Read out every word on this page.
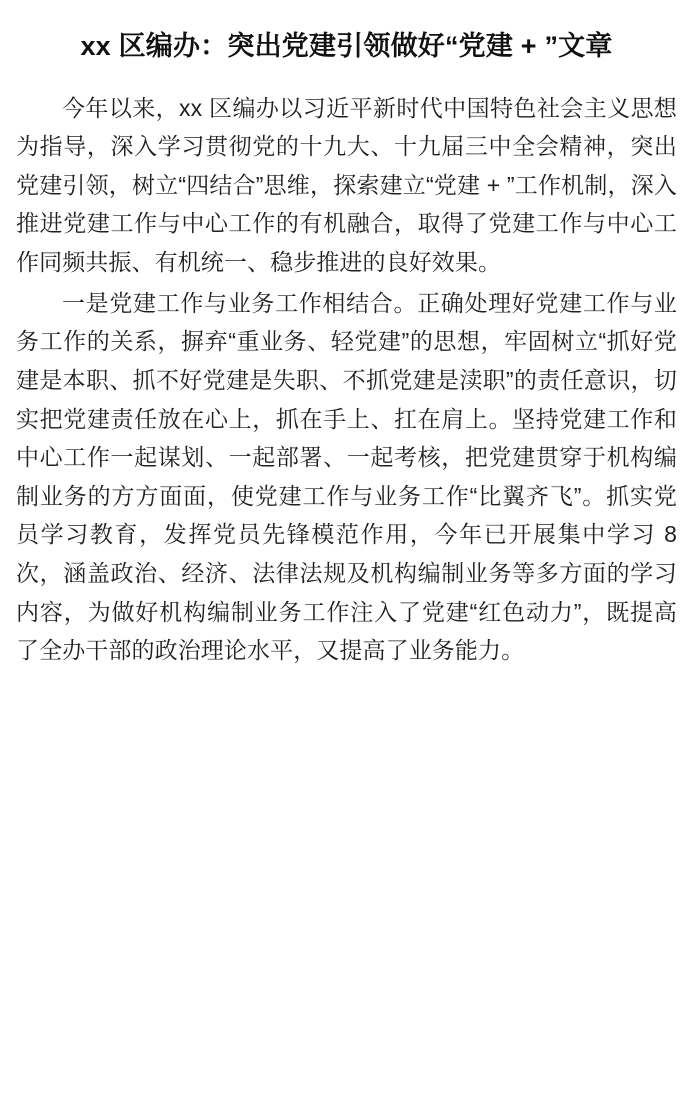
xx 区编办：突出党建引领做好“党建 + ”文章

今年以来，xx 区编办以习近平新时代中国特色社会主义思想为指导，深入学习贯彻党的十九大、十九届三中全会精神，突出党建引领，树立“四结合”思维，探索建立“党建 + ”工作机制，深入推进党建工作与中心工作的有机融合，取得了党建工作与中心工作同频共振、有机统一、稳步推进的良好效果。

一是党建工作与业务工作相结合。正确处理好党建工作与业务工作的关系，摒弃“重业务、轻党建”的思想，牢固树立“抓好党建是本职、抓不好党建是失职、不抓党建是渎职”的责任意识，切实把党建责任放在心上，抓在手上、扛在肩上。坚持党建工作和中心工作一起谋划、一起部署、一起考核，把党建贯穿于机构编制业务的方方面面，使党建工作与业务工作“比翼齐飞”。抓实党员学习教育，发挥党员先锋模范作用，今年已开展集中学习 8 次，涵盖政治、经济、法律法规及机构编制业务等多方面的学习内容，为做好机构编制业务工作注入了党建“红色动力”，既提高了全办干部的政治理论水平，又提高了业务能力。
